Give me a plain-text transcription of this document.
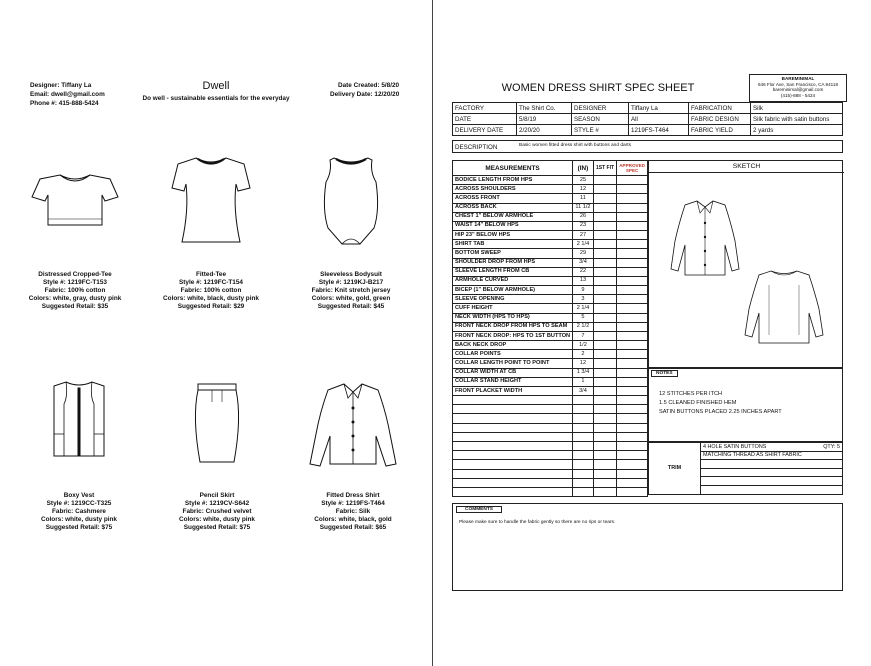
Designer: Tiffany La
Email: dwell@gmail.com
Phone #: 415-888-5424
Dwell
Do well - sustainable essentials for the everyday
Date Created: 5/8/20
Delivery Date: 12/20/20
Distressed Cropped-Tee
Style #: 1219FC-T153
Fabric: 100% cotton
Colors: white, gray, dusty pink
Suggested Retail: $35
Fitted-Tee
Style #: 1219FC-T154
Fabric: 100% cotton
Colors: white, black, dusty pink
Suggested Retail: $29
Sleeveless Bodysuit
Style #: 1219KJ-B217
Fabric: Knit stretch jersey
Colors: white, gold, green
Suggested Retail: $45
Boxy Vest
Style #: 1219CC-T325
Fabric: Cashmere
Colors: white, dusty pink
Suggested Retail: $75
Pencil Skirt
Style #: 1219CV-S642
Fabric: Crushed velvet
Colors: white, dusty pink
Suggested Retail: $75
Fitted Dress Shirt
Style #: 1219FS-T464
Fabric: Silk
Colors: white, black, gold
Suggested Retail: $65
WOMEN DRESS SHIRT SPEC SHEET
BAREMINIMAL
646 Flor Ave, San Francisco, CA 94118
bareminimal@gmail.com
(415)-888 - 5424
FACTORY	The Shirt Co.	DESIGNER	Tiffany La	FABRICATION	Silk
DATE	5/8/19	SEASON	All	FABRIC DESIGN	Silk fabric with satin buttons
DELIVERY DATE	2/20/20	STYLE #	1219FS-T464	FABRIC YIELD	2 yards
DESCRIPTION	Basic women fitted dress shirt with buttons and darts
MEASUREMENTS	(IN)	1ST FIT	APPROVED
SPEC

BODICE LENGTH FROM HPS	25		
ACROSS SHOULDERS	12		
ACROSS FRONT	11		
ACROSS BACK	11 1/2		
CHEST 1" BELOW ARMHOLE	26		
WAIST 14" BELOW HPS	23		
HIP 23" BELOW HPS	27		
SHIRT TAB	2 1/4		
BOTTOM SWEEP	29		
SHOULDER DROP FROM HPS	3/4		
SLEEVE LENGTH FROM CB	22		
ARMHOLE CURVED	13		
BICEP (1" BELOW ARMHOLE)	9		
SLEEVE OPENING	3		
CUFF HEIGHT	2 1/4		
NECK WIDTH (HPS TO HPS)	5		
FRONT NECK DROP FROM HPS TO SEAM	2 1/2		
FRONT NECK DROP: HPS TO 1ST BUTTON	7		
BACK NECK DROP	1/2		
COLLAR POINTS	2		
COLLAR LENGTH POINT TO POINT	12		
COLLAR WIDTH AT CB	1 3/4		
COLLAR STAND HEIGHT	1		
FRONT PLACKET WIDTH	3/4		

SKETCH
NOTES
12 STITCHES PER ITCH
1.5 CLEANED FINISHED HEM
SATIN BUTTONS PLACED 2.25 INCHES APART
TRIM	4 HOLE SATIN BUTTONS	QTY: 5

MATCHING THREAD AS SHIRT FABRIC

COMMENTS
Please make sure to handle the fabric gently so there are no rips or tears.
